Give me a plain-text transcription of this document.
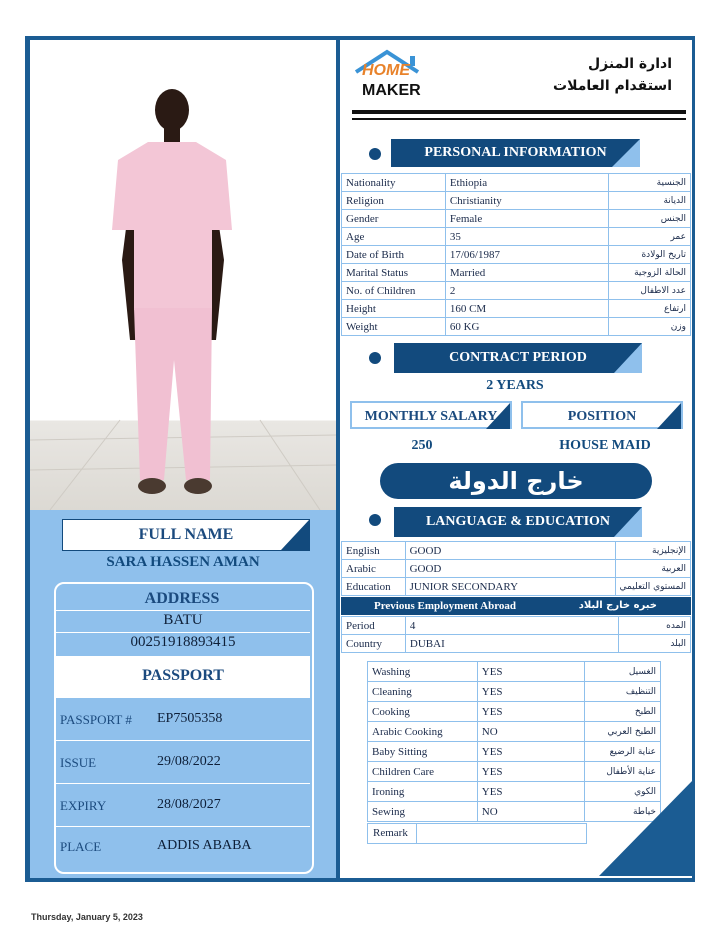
FULL NAME
SARA HASSEN AMAN
ADDRESS
BATU
00251918893415
PASSPORT
PASSPORT # EP7505358
ISSUE	29/08/2022
EXPIRY	28/08/2027
PLACE	ADDIS ABABA
HOME
MAKER
ادارة المنزل
استقدام العاملات
PERSONAL INFORMATION
Nationality	Ethiopia	الجنسية
Religion	Christianity	الديانة
Gender	Female	الجنس
Age	35	عمر
Date of Birth	17/06/1987	تاريخ الولادة
Marital Status	Married	الحالة الزوجية
No. of Children	2	عدد الاطفال
Height	160 CM	ارتفاع
Weight	60 KG	وزن
CONTRACT PERIOD
2 YEARS
MONTHLY SALARY	POSITION
250	HOUSE MAID
خارج الدولة
LANGUAGE & EDUCATION
English	GOOD	الإنجليزية
Arabic	GOOD	العربية
Education	JUNIOR SECONDARY	المستوي التعليمي
Previous Employment Abroad	خبره خارج البلاد
Period	4	المده
Country	DUBAI	البلد
Washing	YES	الغسيل
Cleaning	YES	التنظيف
Cooking	YES	الطبخ
Arabic Cooking	NO	الطبخ العربي
Baby Sitting	YES	عناية الرضيع
Children Care	YES	عناية الأطفال
Ironing	YES	الكوي
Sewing	NO	خياطة
Remark
Thursday, January 5, 2023
